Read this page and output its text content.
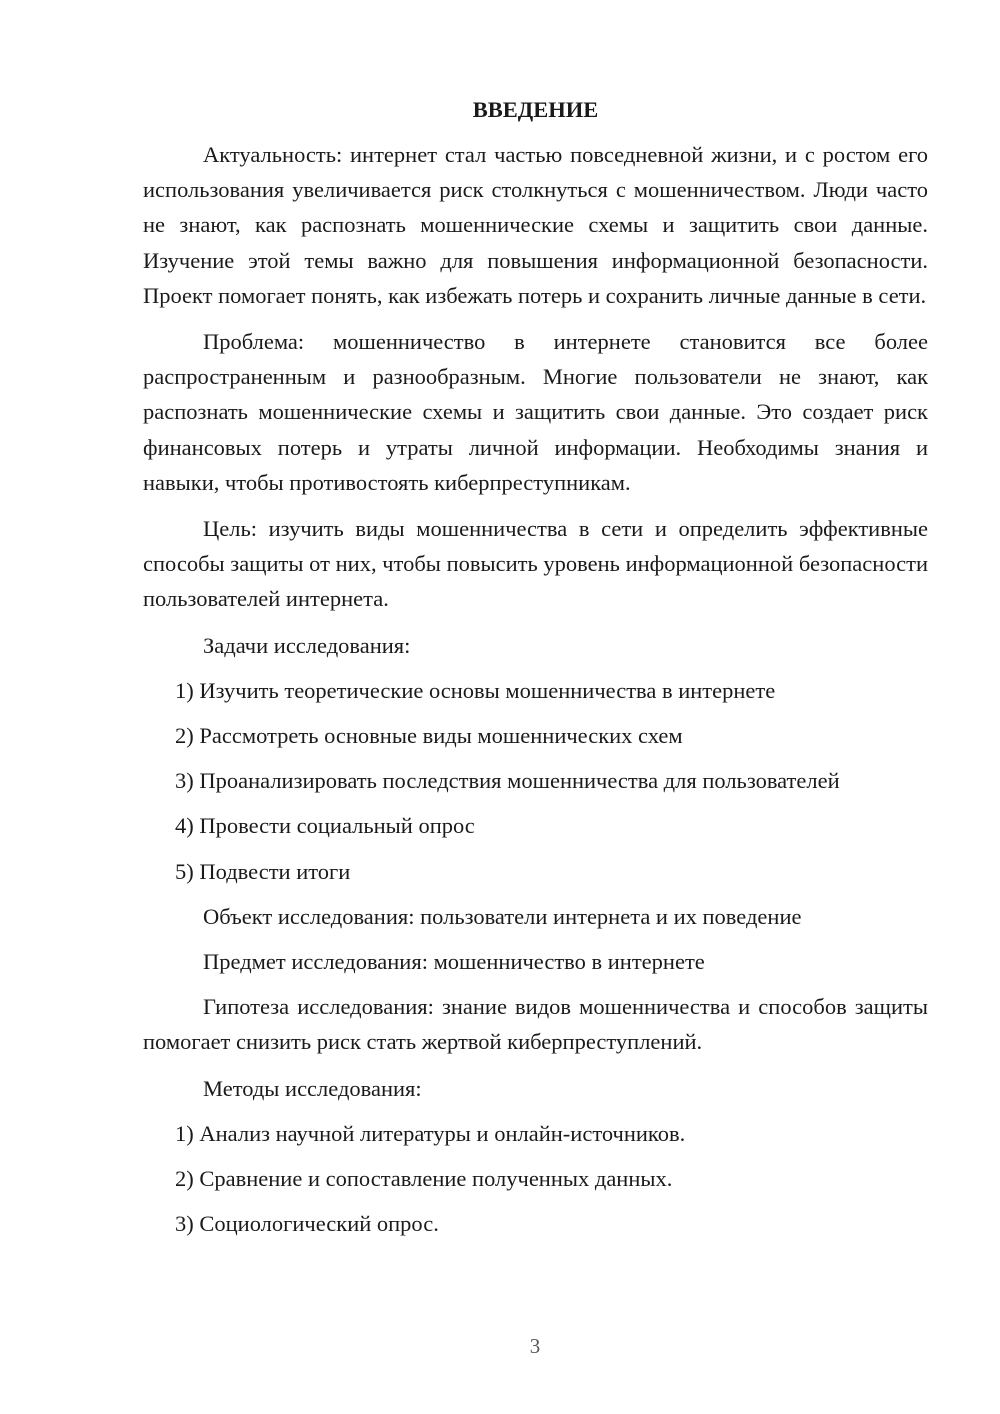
ВВЕДЕНИЕ

Актуальность: интернет стал частью повседневной жизни, и с ростом его использования увеличивается риск столкнуться с мошенничеством. Люди часто не знают, как распознать мошеннические схемы и защитить свои данные. Изучение этой темы важно для повышения информационной безопасности. Проект помогает понять, как избежать потерь и сохранить личные данные в сети.

Проблема: мошенничество в интернете становится все более распространенным и разнообразным. Многие пользователи не знают, как распознать мошеннические схемы и защитить свои данные. Это создает риск финансовых потерь и утраты личной информации. Необходимы знания и навыки, чтобы противостоять киберпреступникам.

Цель: изучить виды мошенничества в сети и определить эффективные способы защиты от них, чтобы повысить уровень информационной безопасности пользователей интернета.

Задачи исследования:
1) Изучить теоретические основы мошенничества в интернете
2) Рассмотреть основные виды мошеннических схем
3) Проанализировать последствия мошенничества для пользователей
4) Провести социальный опрос
5) Подвести итоги
Объект исследования: пользователи интернета и их поведение
Предмет исследования: мошенничество в интернете

Гипотеза исследования: знание видов мошенничества и способов защиты помогает снизить риск стать жертвой киберпреступлений.

Методы исследования:
1) Анализ научной литературы и онлайн-источников.
2) Сравнение и сопоставление полученных данных.
3) Социологический опрос.
3
